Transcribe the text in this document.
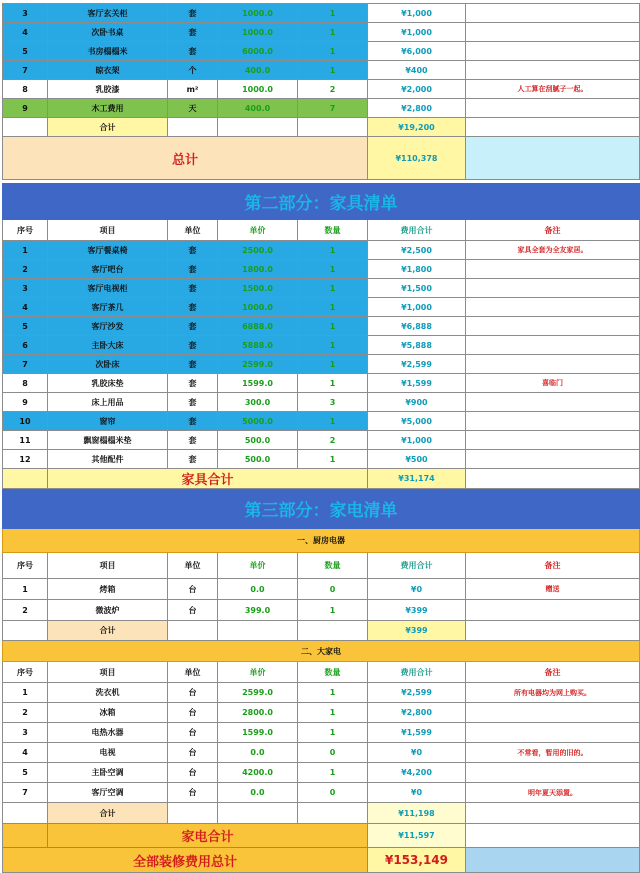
3	客厅玄关柜	套	1000.0	1	¥1,000	
4	次卧书桌	套	1000.0	1	¥1,000	
5	书房榻榻米	套	6000.0	1	¥6,000	
7	晾衣架	个	400.0	1	¥400	
8	乳胶漆	m²	1000.0	2	¥2,000	人工算在刮腻子一起。
9	木工费用	天	400.0	7	¥2,800	
	合计				¥19,200	
总计					¥110,378	

第二部分：家具清单						
序号	项目	单位	单价	数量	费用合计	备注
1	客厅餐桌椅	套	2500.0	1	¥2,500	家具全套为全友家居。
2	客厅吧台	套	1800.0	1	¥1,800	
3	客厅电视柜	套	1500.0	1	¥1,500	
4	客厅茶几	套	1000.0	1	¥1,000	
5	客厅沙发	套	6888.0	1	¥6,888	
6	主卧大床	套	5888.0	1	¥5,888	
7	次卧床	套	2599.0	1	¥2,599	
8	乳胶床垫	套	1599.0	1	¥1,599	喜临门
9	床上用品	套	300.0	3	¥900	
10	窗帘	套	5000.0	1	¥5,000	
11	飘窗榻榻米垫	套	500.0	2	¥1,000	
12	其他配件	套	500.0	1	¥500	
	家具合计				¥31,174	
第三部分：家电清单						
一、厨房电器						
序号	项目	单位	单价	数量	费用合计	备注
1	烤箱	台	0.0	0	¥0	赠送
2	微波炉	台	399.0	1	¥399	
	合计				¥399	
二、大家电						
序号	项目	单位	单价	数量	费用合计	备注
1	洗衣机	台	2599.0	1	¥2,599	所有电器均为网上购买。
2	冰箱	台	2800.0	1	¥2,800	
3	电热水器	台	1599.0	1	¥1,599	
4	电视	台	0.0	0	¥0	不常看，暂用的旧的。
5	主卧空调	台	4200.0	1	¥4,200	
7	客厅空调	台	0.0	0	¥0	明年夏天添置。
	合计				¥11,198	
	家电合计				¥11,597	
全部装修费用总计					¥153,149	
